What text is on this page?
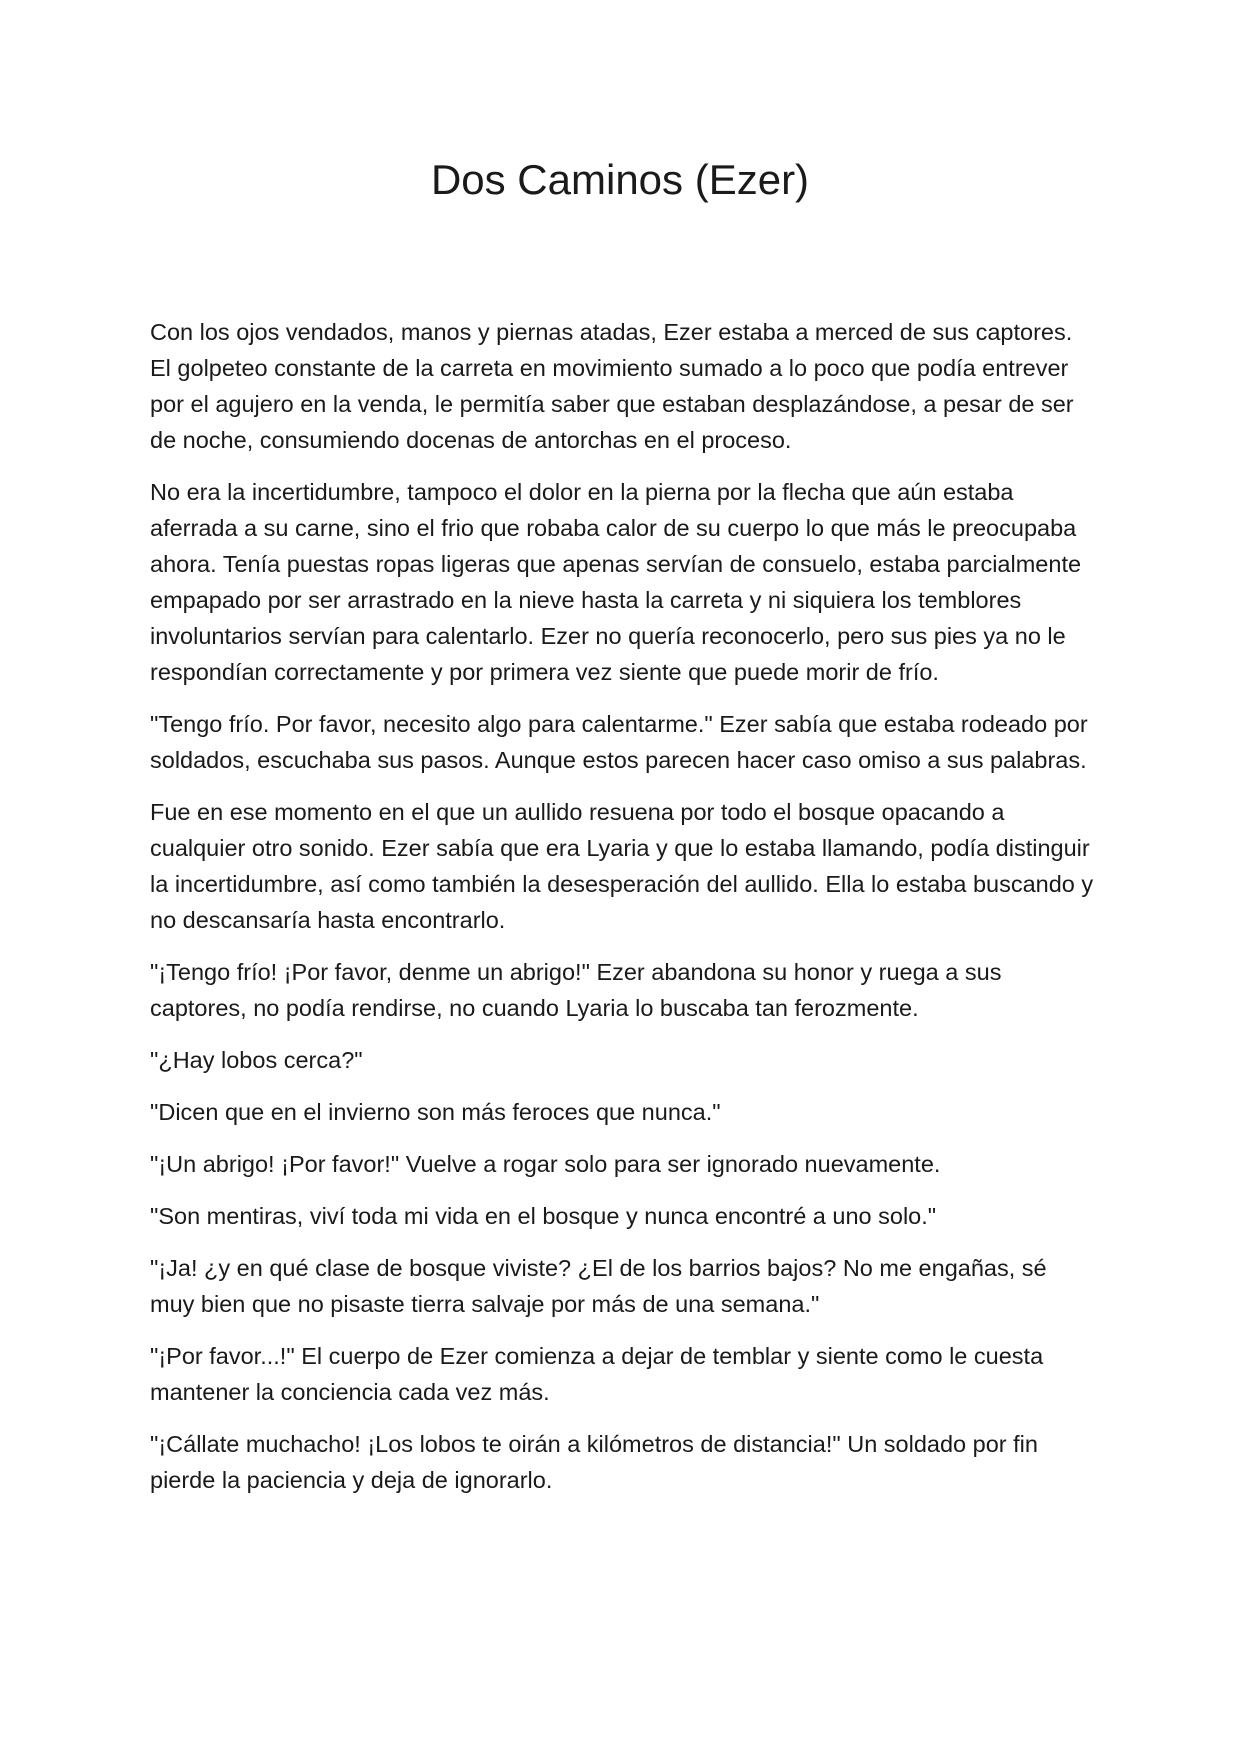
Dos Caminos (Ezer)

Con los ojos vendados, manos y piernas atadas, Ezer estaba a merced de sus captores. El golpeteo constante de la carreta en movimiento sumado a lo poco que podía entrever por el agujero en la venda, le permitía saber que estaban desplazándose, a pesar de ser de noche, consumiendo docenas de antorchas en el proceso.

No era la incertidumbre, tampoco el dolor en la pierna por la flecha que aún estaba aferrada a su carne, sino el frio que robaba calor de su cuerpo lo que más le preocupaba ahora. Tenía puestas ropas ligeras que apenas servían de consuelo, estaba parcialmente empapado por ser arrastrado en la nieve hasta la carreta y ni siquiera los temblores involuntarios servían para calentarlo. Ezer no quería reconocerlo, pero sus pies ya no le respondían correctamente y por primera vez siente que puede morir de frío.

"Tengo frío. Por favor, necesito algo para calentarme." Ezer sabía que estaba rodeado por soldados, escuchaba sus pasos. Aunque estos parecen hacer caso omiso a sus palabras.

Fue en ese momento en el que un aullido resuena por todo el bosque opacando a cualquier otro sonido. Ezer sabía que era Lyaria y que lo estaba llamando, podía distinguir la incertidumbre, así como también la desesperación del aullido. Ella lo estaba buscando y no descansaría hasta encontrarlo.

"¡Tengo frío! ¡Por favor, denme un abrigo!" Ezer abandona su honor y ruega a sus captores, no podía rendirse, no cuando Lyaria lo buscaba tan ferozmente.

"¿Hay lobos cerca?"

"Dicen que en el invierno son más feroces que nunca."

"¡Un abrigo! ¡Por favor!" Vuelve a rogar solo para ser ignorado nuevamente.

"Son mentiras, viví toda mi vida en el bosque y nunca encontré a uno solo."

"¡Ja! ¿y en qué clase de bosque viviste? ¿El de los barrios bajos? No me engañas, sé muy bien que no pisaste tierra salvaje por más de una semana."

"¡Por favor...!" El cuerpo de Ezer comienza a dejar de temblar y siente como le cuesta mantener la conciencia cada vez más.

"¡Cállate muchacho! ¡Los lobos te oirán a kilómetros de distancia!" Un soldado por fin pierde la paciencia y deja de ignorarlo.
